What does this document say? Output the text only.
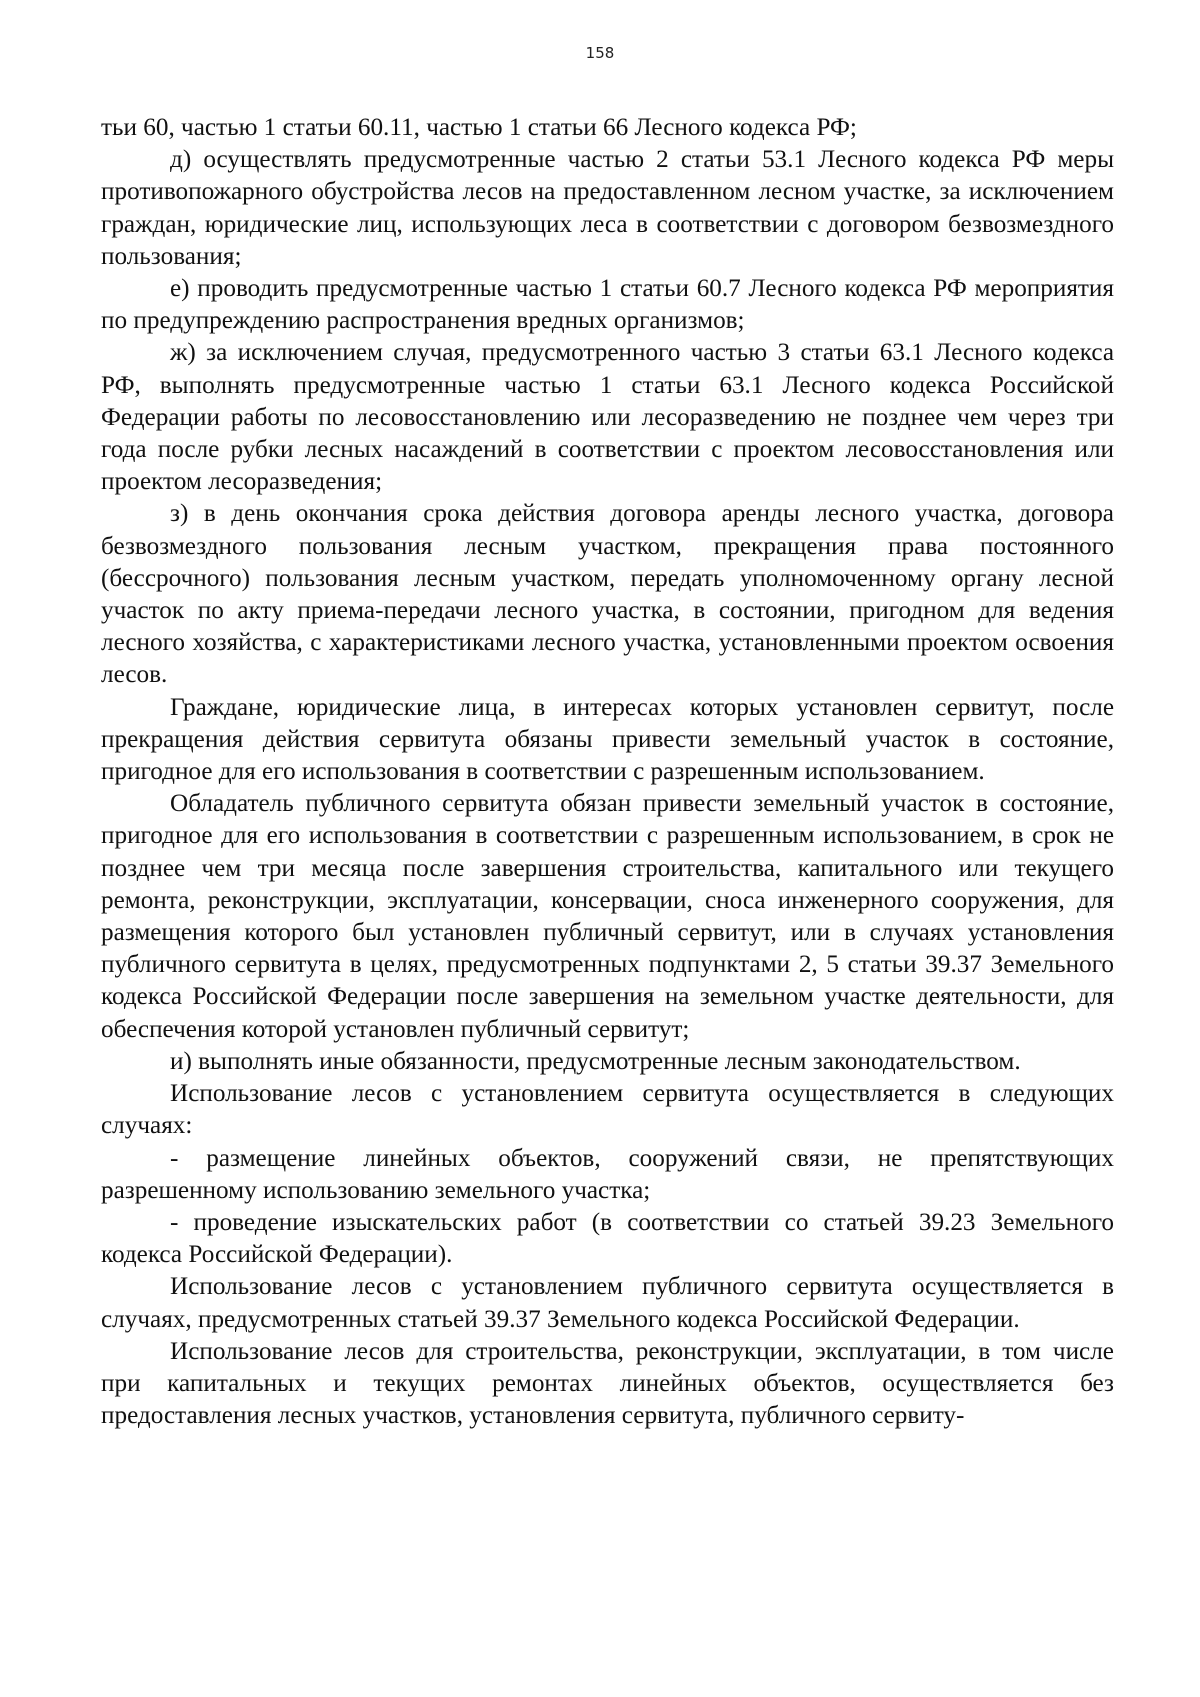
158

тьи 60, частью 1 статьи 60.11, частью 1 статьи 66 Лесного кодекса РФ;

д) осуществлять предусмотренные частью 2 статьи 53.1 Лесного кодекса РФ меры противопожарного обустройства лесов на предоставленном лесном участке, за исключением граждан, юридические лиц, использующих леса в соответствии с договором безвозмездного пользования;

е) проводить предусмотренные частью 1 статьи 60.7 Лесного кодекса РФ мероприятия по предупреждению распространения вредных организмов;

ж) за исключением случая, предусмотренного частью 3 статьи 63.1 Лесного кодекса РФ, выполнять предусмотренные частью 1 статьи 63.1 Лесного кодекса Российской Федерации работы по лесовосстановлению или лесоразведению не позднее чем через три года после рубки лесных насаждений в соответствии с проектом лесовосстановления или проектом лесоразведения;

з) в день окончания срока действия договора аренды лесного участка, договора безвозмездного пользования лесным участком, прекращения права постоянного (бессрочного) пользования лесным участком, передать уполномоченному органу лесной участок по акту приема-передачи лесного участка, в состоянии, пригодном для ведения лесного хозяйства, с характеристиками лесного участка, установленными проектом освоения лесов.

Граждане, юридические лица, в интересах которых установлен сервитут, после прекращения действия сервитута обязаны привести земельный участок в состояние, пригодное для его использования в соответствии с разрешенным использованием.

Обладатель публичного сервитута обязан привести земельный участок в состояние, пригодное для его использования в соответствии с разрешенным использованием, в срок не позднее чем три месяца после завершения строительства, капитального или текущего ремонта, реконструкции, эксплуатации, консервации, сноса инженерного сооружения, для размещения которого был установлен публичный сервитут, или в случаях установления публичного сервитута в целях, предусмотренных подпунктами 2, 5 статьи 39.37 Земельного кодекса Российской Федерации после завершения на земельном участке деятельности, для обеспечения которой установлен публичный сервитут;

и) выполнять иные обязанности, предусмотренные лесным законодательством.

Использование лесов с установлением сервитута осуществляется в следующих случаях:

- размещение линейных объектов, сооружений связи, не препятствующих разрешенному использованию земельного участка;

- проведение изыскательских работ (в соответствии со статьей 39.23 Земельного кодекса Российской Федерации).

Использование лесов с установлением публичного сервитута осуществляется в случаях, предусмотренных статьей 39.37 Земельного кодекса Российской Федерации.

Использование лесов для строительства, реконструкции, эксплуатации, в том числе при капитальных и текущих ремонтах линейных объектов, осуществляется без предоставления лесных участков, установления сервитута, публичного сервиту-
